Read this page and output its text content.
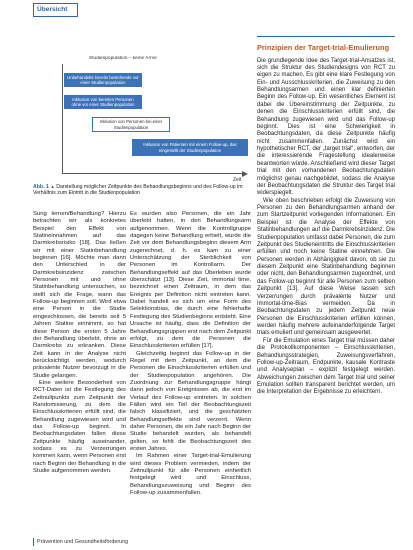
Übersicht
Studienpopulation – keine Arme
Unbehandelte bereits bestehende vor einer Studienpopulation
Inklusion von bereiten Personen ohne vor einer Studienpopulation
Inklusion von Personen bei einer Studienpopulation
Inklusion von Patienten mit einem Follow-up, das eingestellt der Studienpopulation
Zeit
Abb. 1 ▲ Darstellung möglicher Zeitpunkte des Behandlungsbeginns und des Follow-up im Verhältnis zum Eintritt in die Studienpopulation

Sung lernen/Behandlung? Hierzu betrachten wir als konkretes Beispiel den Effekt von Statineinnahmen auf das Darmkrebsrisiko [18]. Das ließen wir mit einer Statinbehandlung beginnen [16]. Möchte man dann den Unterschied in der Darmkrebsinzidenz zwischen Personen mit und ohne Statinbehandlung untersuchen, so stellt sich die Frage, wann das Follow-up beginnen soll. Wird etwa eine Person in die Studie eingeschlossen, die bereits seit 5 Jahren Statine einnimmt, so hat diese Person die ersten 5 Jahre der Behandlung überlebt, ohne an Darmkrebs zu erkranken. Diese Zeit kann in der Analyse nicht berücksichtigt werden, wodurch prävalente Nutzer bevorzugt in die Studie gelangen.

Eine weitere Besonderheit von RCT-Daten ist die Festlegung des Zeitnullpunkts zum Zeitpunkt der Randomisierung, zu dem die Einschlusskriterien erfüllt sind, die Behandlung zugewiesen wird und das Follow-up beginnt. In Beobachtungsdaten fallen diese Zeitpunkte häufig auseinander, sodass es zu Verzerrungen kommen kann, wenn Personen erst nach Beginn der Behandlung in die Studie aufgenommen werden.

Es wurden also Personen, die ein Jahr überlebt hatten, in den Behandlungsarm aufgenommen. Wenn die Kontrollgruppe dagegen keine Behandlung erhielt, wurde die Zeit vor dem Behandlungsbeginn diesem Arm zugerechnet, d. h. es kam zu einer Unterschätzung der Sterblichkeit von Personen im Kontrollarm. Der Behandlungseffekt auf das Überleben wurde überschätzt [13]. Diese Zeit, immortal time, bezeichnet einen Zeitraum, in dem das Ereignis per Definition nicht eintreten kann. Dabei handelt es sich um eine Form des Selektionsbias, die durch eine fehlerhafte Festlegung des Studienbeginns entsteht. Eine Ursache ist häufig, dass die Definition der Behandlungsgruppen erst nach dem Zeitpunkt erfolgt, zu dem die Personen die Einschlusskriterien erfüllen [17].

Gleichzeitig beginnt das Follow-up in der Regel mit dem Zeitpunkt, an dem die Personen die Einschlusskriterien erfüllen und der Studienpopulation angehören. Die Zuordnung zur Behandlungsgruppe hängt dann jedoch von Ereignissen ab, die erst im Verlauf des Follow-up eintreten. In solchen Fällen wird ein Teil der Beobachtungszeit falsch klassifiziert, und die geschätzten Behandlungseffekte sind verzerrt. Wenn daher Personen, die ein Jahr nach Beginn der Studie behandelt wurden, als behandelt gelten, so fehlt die Beobachtungszeit des ersten Jahres.

Im Rahmen einer Target-trial-Emulierung wird dieses Problem vermieden, indem der Zeitnullpunkt für alle Personen einheitlich festgelegt wird und Einschluss, Behandlungszuweisung und Beginn des Follow-up zusammenfallen.

Prinzipien der Target-trial-Emulierung

Die grundlegende Idee des Target-trial-Ansatzes ist, sich die Struktur des Studiendesigns von RCT zu eigen zu machen. Es gibt eine klare Festlegung von Ein- und Ausschlusskriterien, die Zuweisung zu den Behandlungsarmen und einen klar definierten Beginn des Follow-up. Ein wesentliches Element ist dabei die Übereinstimmung der Zeitpunkte, zu denen die Einschlusskriterien erfüllt sind, die Behandlung zugewiesen wird und das Follow-up beginnt. Dies ist eine Schwierigkeit in Beobachtungsdaten, da diese Zeitpunkte häufig nicht zusammenfallen. Zunächst wird ein hypothetischer RCT, der „target trial“, entworfen, der die interessierende Fragestellung idealerweise beantworten würde. Anschließend wird dieser Target trial mit den vorhandenen Beobachtungsdaten möglichst genau nachgebildet, sodass die Analyse der Beobachtungsdaten die Struktur des Target trial widerspiegelt.

Wie oben beschrieben erfolgt die Zuweisung von Personen zu den Behandlungsarmen anhand der zum Startzeitpunkt vorliegenden Informationen. Ein Beispiel ist die Analyse der Effekte von Statinbehandlungen auf die Darmkrebsinzidenz. Die Studienpopulation umfasst dabei Personen, die zum Zeitpunkt des Studieneintritts die Einschlusskriterien erfüllen und noch keine Statine einnehmen. Die Personen werden in Abhängigkeit davon, ob sie zu diesem Zeitpunkt eine Statinbehandlung beginnen oder nicht, den Behandlungsarmen zugeordnet, und das Follow-up beginnt für alle Personen zum selben Zeitpunkt [13]. Auf diese Weise lassen sich Verzerrungen durch prävalente Nutzer und Immortal-time-Bias vermeiden. Da in Beobachtungsdaten zu jedem Zeitpunkt neue Personen die Einschlusskriterien erfüllen können, werden häufig mehrere aufeinanderfolgende Target trials emuliert und gemeinsam ausgewertet.

Für die Emulation eines Target trial müssen daher die Protokollkomponenten – Einschlusskriterien, Behandlungsstrategien, Zuweisungsverfahren, Follow-up-Zeitraum, Endpunkte, kausale Kontraste und Analyseplan – explizit festgelegt werden. Abweichungen zwischen dem Target trial und seiner Emulation sollten transparent berichtet werden, um die Interpretation der Ergebnisse zu erleichtern.

Prävention und Gesundheitsförderung
